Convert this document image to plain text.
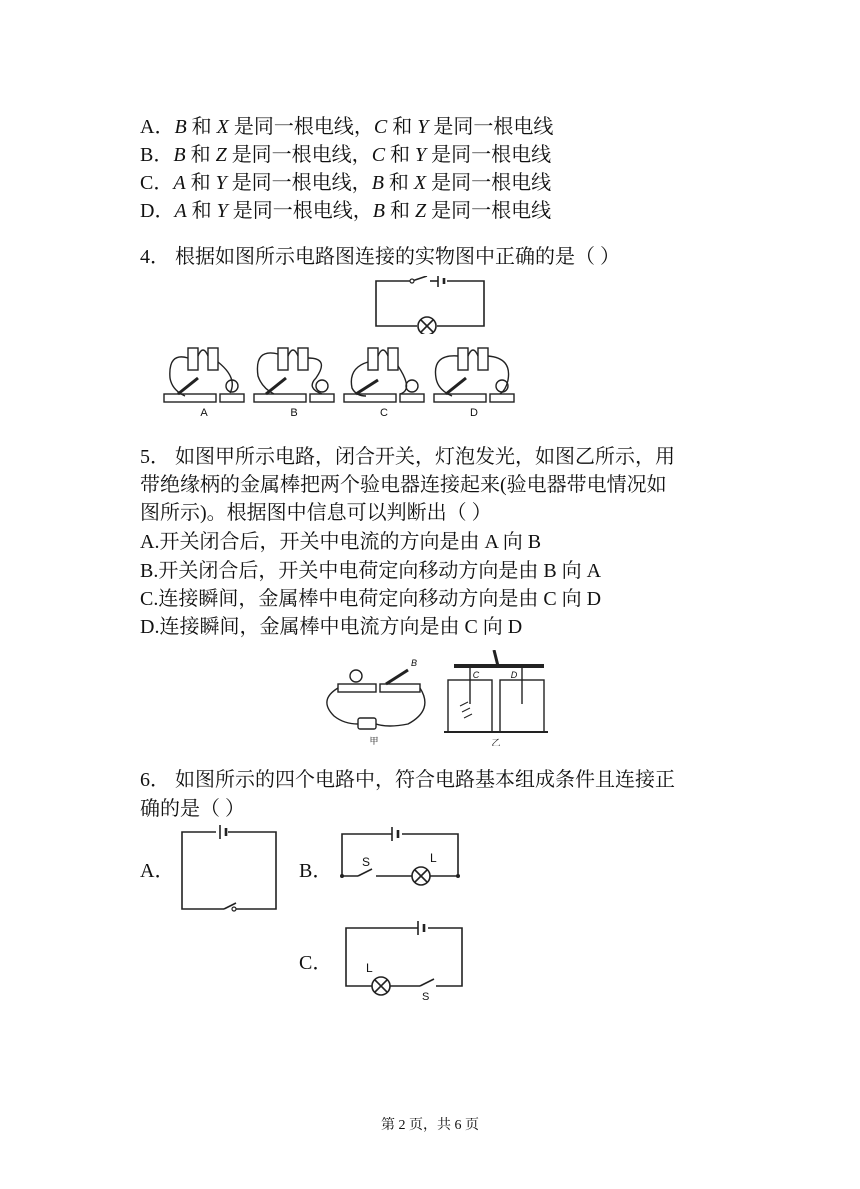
A．B 和 X 是同一根电线，C 和 Y 是同一根电线
B．B 和 Z 是同一根电线，C 和 Y 是同一根电线
C．A 和 Y 是同一根电线，B 和 X 是同一根电线
D．A 和 Y 是同一根电线，B 和 Z 是同一根电线
4． 根据如图所示电路图连接的实物图中正确的是（ ）
A	B	C	D
5． 如图甲所示电路，闭合开关，灯泡发光，如图乙所示，用
带绝缘柄的金属棒把两个验电器连接起来(验电器带电情况如
图所示)。根据图中信息可以判断出（ ）
A.开关闭合后，开关中电流的方向是由 A 向 B
B.开关闭合后，开关中电荷定向移动方向是由 B 向 A
C.连接瞬间，金属棒中电荷定向移动方向是由 C 向 D
D.连接瞬间，金属棒中电流方向是由 C 向 D
B
C	D
甲	乙
6． 如图所示的四个电路中，符合电路基本组成条件且连接正
确的是（ ）
A．	B． S	L
C．	L
S
第 2 页，共 6 页
